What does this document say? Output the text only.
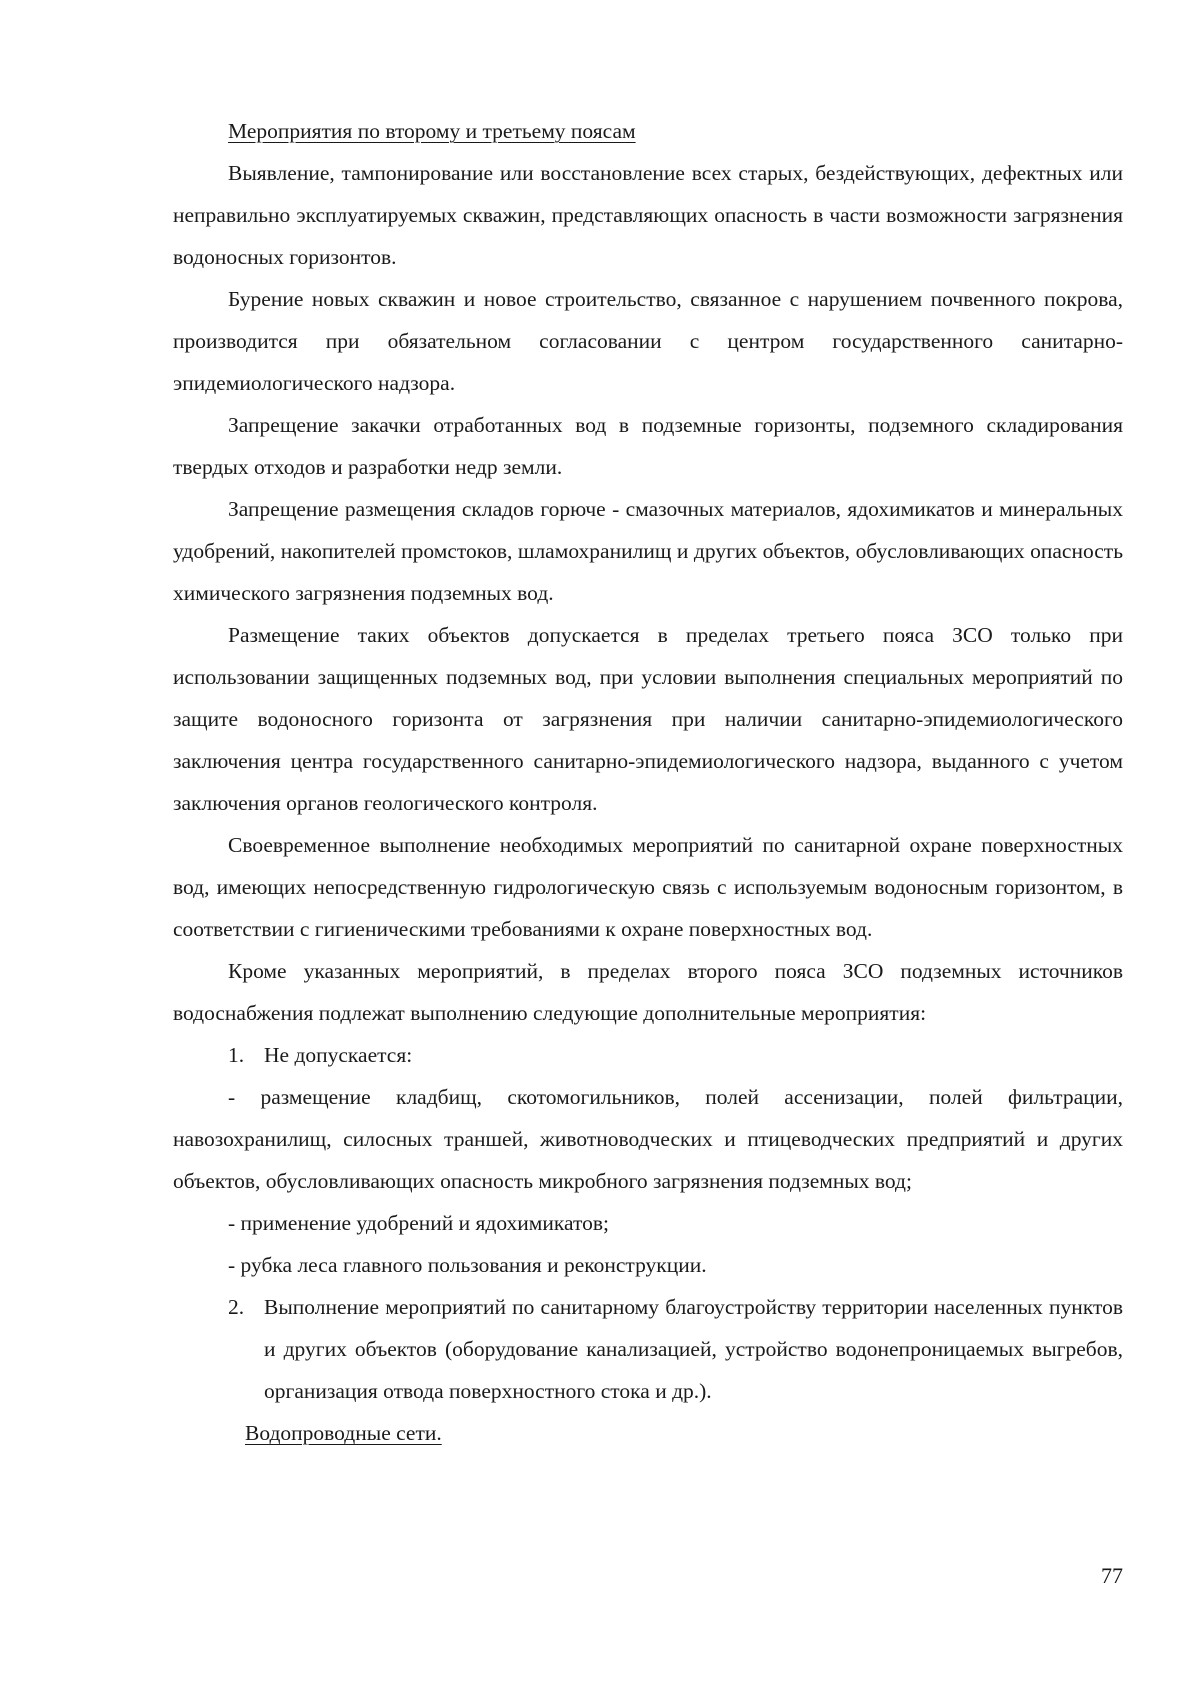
Мероприятия по второму и третьему поясам

Выявление, тампонирование или восстановление всех старых, бездействующих, дефектных или неправильно эксплуатируемых скважин, представляющих опасность в части возможности загрязнения водоносных горизонтов.

Бурение новых скважин и новое строительство, связанное с нарушением почвенного покрова, производится при обязательном согласовании с центром государственного санитарно-эпидемиологического надзора.

Запрещение закачки отработанных вод в подземные горизонты, подземного складирования твердых отходов и разработки недр земли.

Запрещение размещения складов горюче - смазочных материалов, ядохимикатов и минеральных удобрений, накопителей промстоков, шламохранилищ и других объектов, обусловливающих опасность химического загрязнения подземных вод.

Размещение таких объектов допускается в пределах третьего пояса ЗСО только при использовании защищенных подземных вод, при условии выполнения специальных мероприятий по защите водоносного горизонта от загрязнения при наличии санитарно-эпидемиологического заключения центра государственного санитарно-эпидемиологического надзора, выданного с учетом заключения органов геологического контроля.

Своевременное выполнение необходимых мероприятий по санитарной охране поверхностных вод, имеющих непосредственную гидрологическую связь с используемым водоносным горизонтом, в соответствии с гигиеническими требованиями к охране поверхностных вод.

Кроме указанных мероприятий, в пределах второго пояса ЗСО подземных источников водоснабжения подлежат выполнению следующие дополнительные мероприятия:

1. Не допускается:

- размещение кладбищ, скотомогильников, полей ассенизации, полей фильтрации, навозохранилищ, силосных траншей, животноводческих и птицеводческих предприятий и других объектов, обусловливающих опасность микробного загрязнения подземных вод;

- применение удобрений и ядохимикатов;

- рубка леса главного пользования и реконструкции.

2. Выполнение мероприятий по санитарному благоустройству территории населенных пунктов и других объектов (оборудование канализацией, устройство водонепроницаемых выгребов, организация отвода поверхностного стока и др.).

Водопроводные сети.

77
